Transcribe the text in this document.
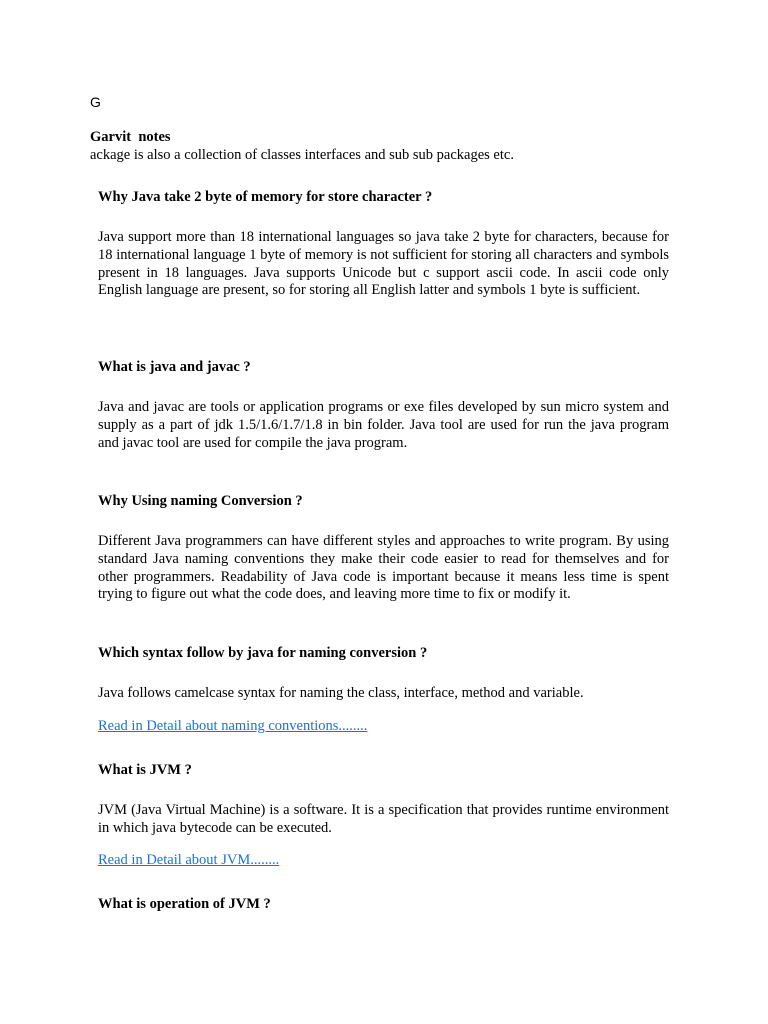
G
Garvit  notes
ackage is also a collection of classes interfaces and sub sub packages etc.
Why Java take 2 byte of memory for store character ?
Java support more than 18 international languages so java take 2 byte for characters, because for 18 international language 1 byte of memory is not sufficient for storing all characters and symbols present in 18 languages. Java supports Unicode but c support ascii code. In ascii code only English language are present, so for storing all English latter and symbols 1 byte is sufficient.
What is java and javac ?
Java and javac are tools or application programs or exe files developed by sun micro system and supply as a part of jdk 1.5/1.6/1.7/1.8 in bin folder. Java tool are used for run the java program and javac tool are used for compile the java program.
Why Using naming Conversion ?
Different Java programmers can have different styles and approaches to write program. By using standard Java naming conventions they make their code easier to read for themselves and for other programmers. Readability of Java code is important because it means less time is spent trying to figure out what the code does, and leaving more time to fix or modify it.
Which syntax follow by java for naming conversion ?
Java follows camelcase syntax for naming the class, interface, method and variable.
Read in Detail about naming conventions........
What is JVM ?
JVM (Java Virtual Machine) is a software. It is a specification that provides runtime environment in which java bytecode can be executed.
Read in Detail about JVM........
What is operation of JVM ?
